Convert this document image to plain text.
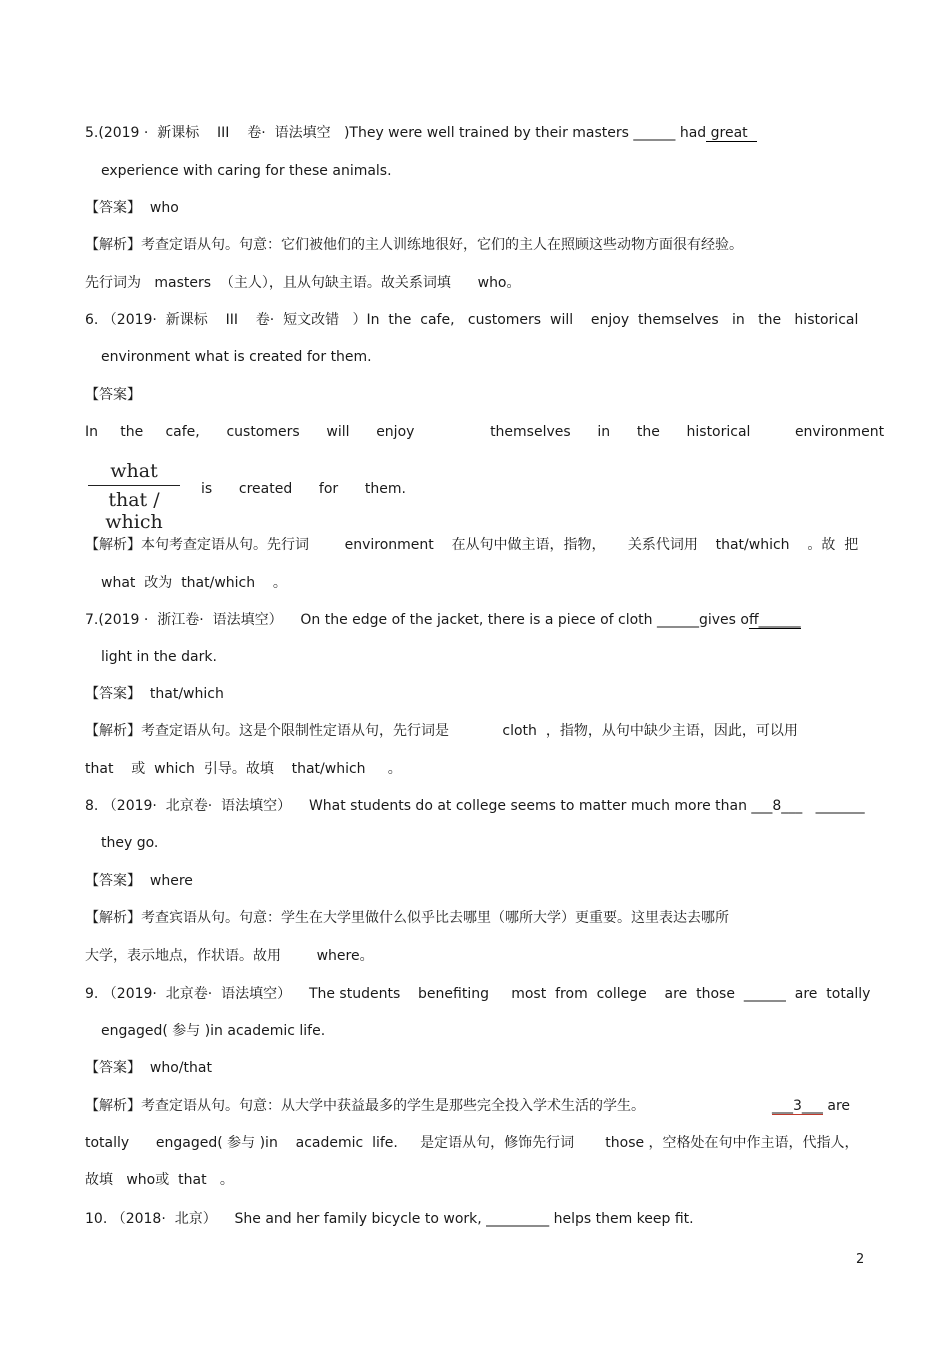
5.(2019 ·  新课标    III    卷·  语法填空   )They were well trained by their masters ______ had great
experience with caring for these animals.
【答案】  who
【解析】考查定语从句。句意：它们被他们的主人训练地很好，它们的主人在照顾这些动物方面很有经验。
先行词为   masters  （主人），且从句缺主语。故关系词填      who。
6. （2019·  新课标    III    卷·  短文改错   ）In  the  cafe,   customers  will    enjoy  themselves   in   the   historical
environment what is created for them.
【答案】
In     the     cafe,      customers      will      enjoy                 themselves      in      the      historical          environment
what
that / which
is      created      for      them.
【解析】本句考查定语从句。先行词        environment    在从句中做主语，指物，     关系代词用    that/which    。故  把
what  改为  that/which    。
7.(2019 ·  浙江卷·  语法填空）    On the edge of the jacket, there is a piece of cloth ______gives off______
light in the dark.
【答案】  that/which
【解析】考查定语从句。这是个限制性定语从句，先行词是            cloth  ，指物，从句中缺少主语，因此，可以用
that    或  which  引导。故填    that/which     。
8. （2019·  北京卷·  语法填空）    What students do at college seems to matter much more than ___8___   _______
they go.
【答案】  where
【解析】考查宾语从句。句意：学生在大学里做什么似乎比去哪里（哪所大学）更重要。这里表达去哪所
大学，表示地点，作状语。故用        where。
9. （2019·  北京卷·  语法填空）    The students    benefiting     most  from  college    are  those  ______  are  totally
engaged( 参与 )in academic life.
【答案】  who/that
【解析】考查定语从句。句意：从大学中获益最多的学生是那些完全投入学术生活的学生。	___3___ are
totally      engaged( 参与 )in    academic  life.     是定语从句，修饰先行词       those ，空格处在句中作主语，代指人，
故填   who或  that   。
10. （2018·  北京）    She and her family bicycle to work, _________ helps them keep fit.
2
